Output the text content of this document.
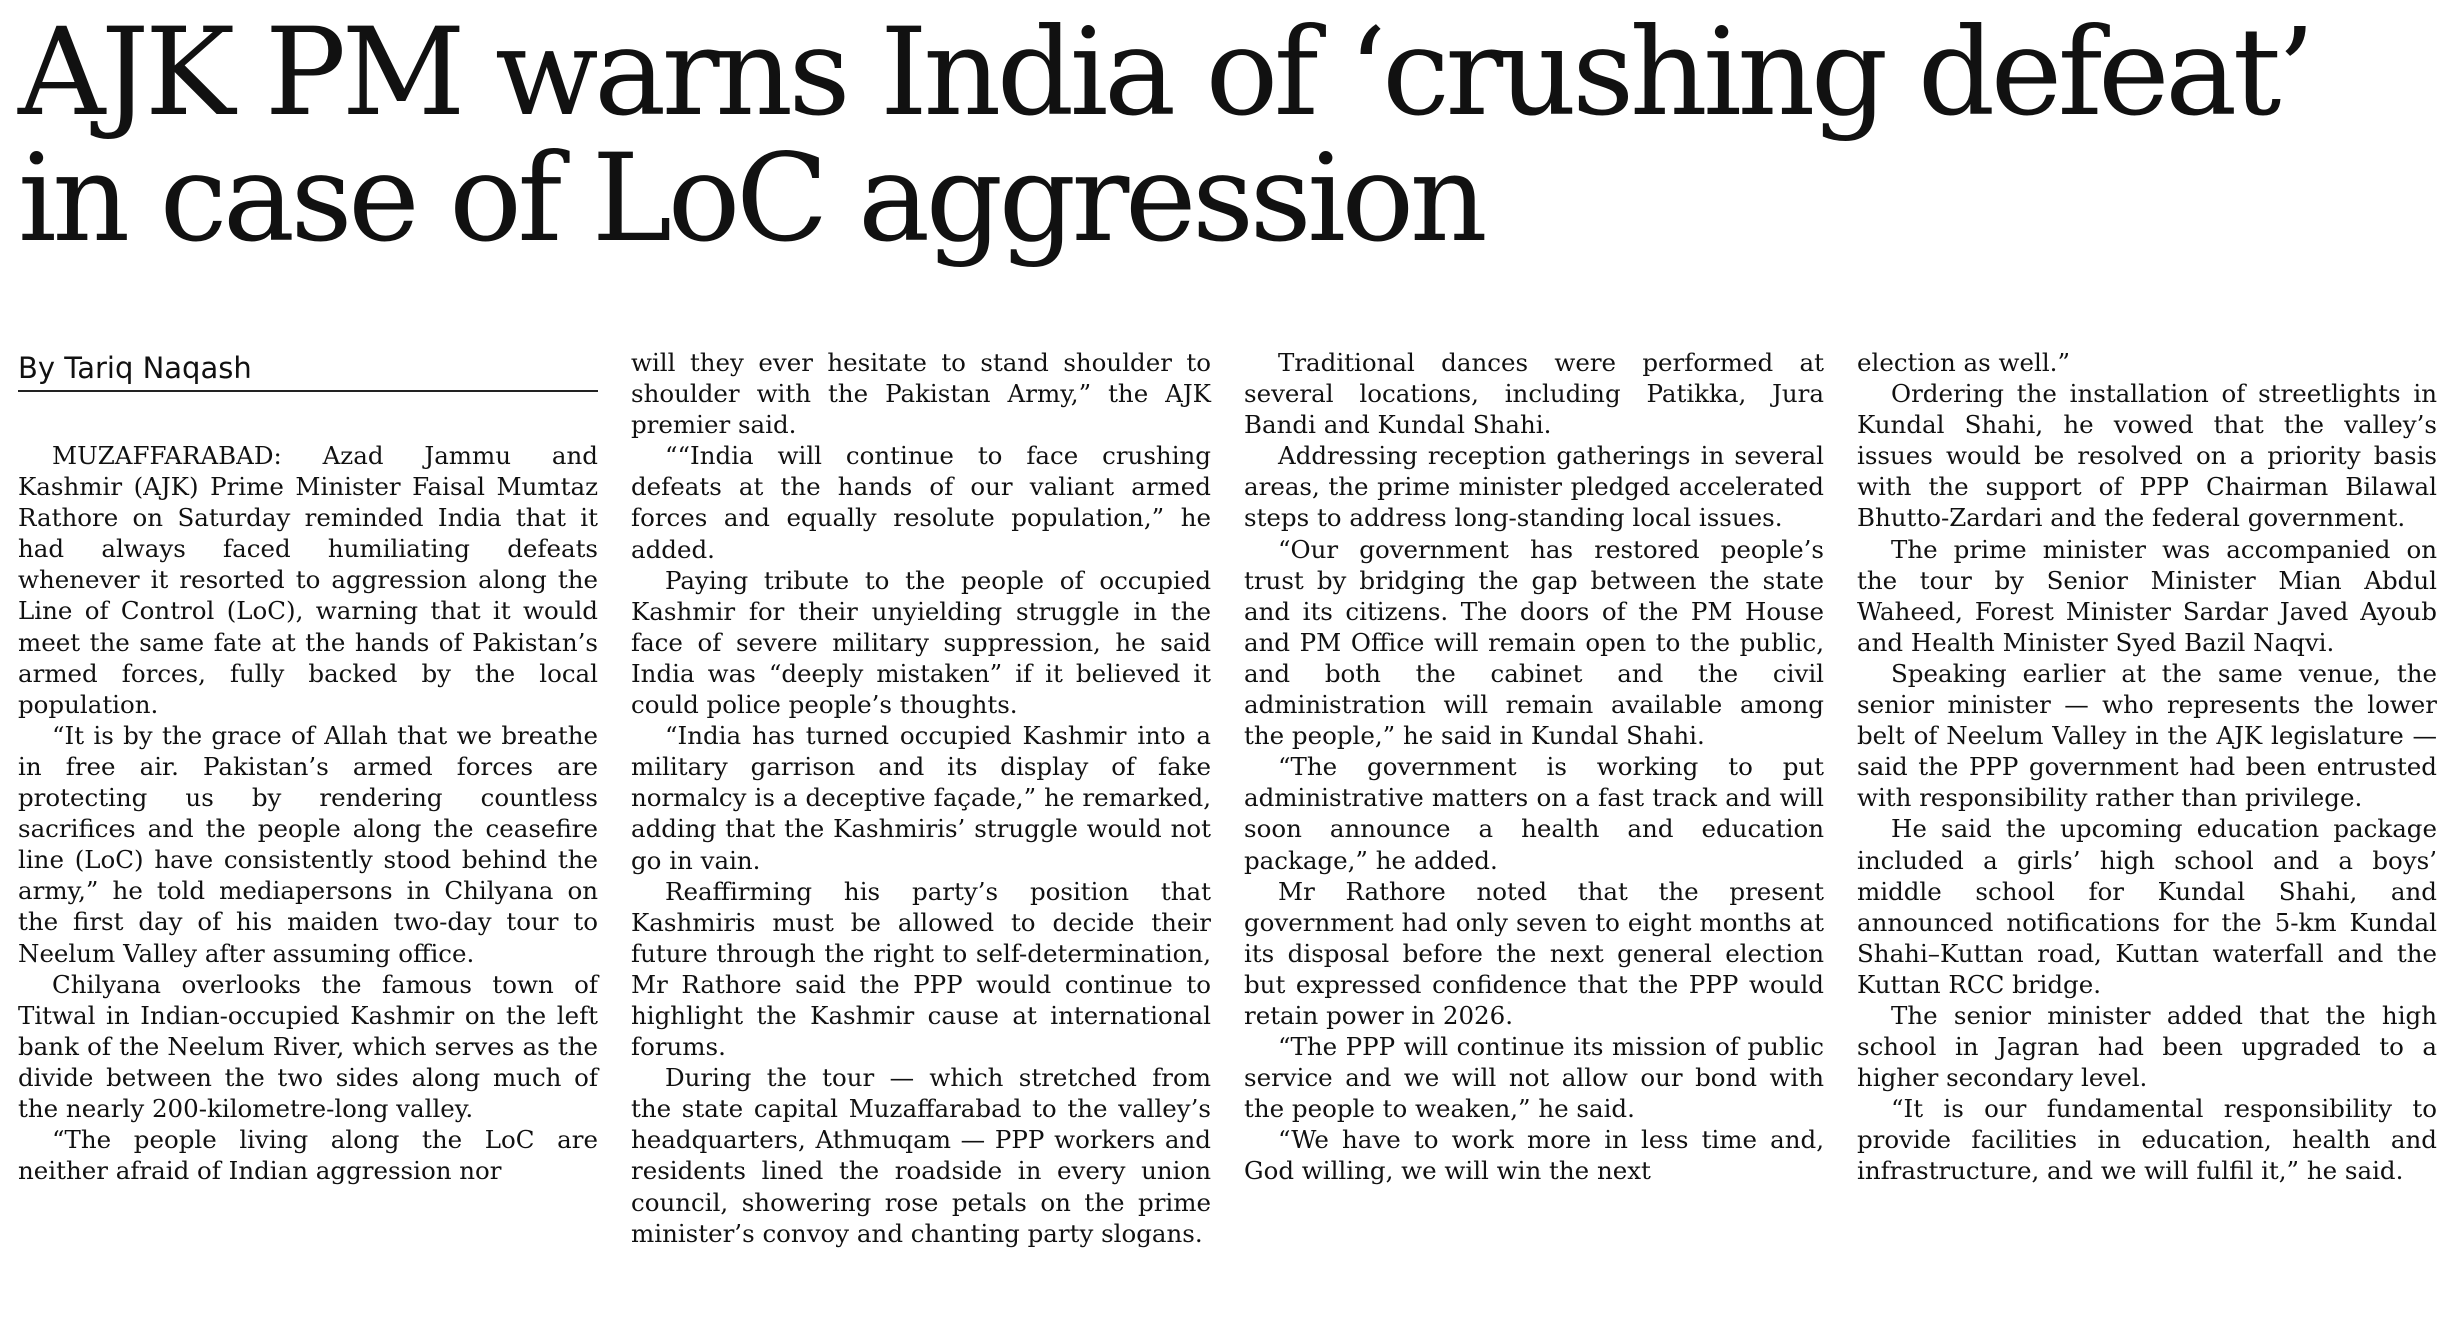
AJK PM warns India of ‘crushing defeat’ in case of LoC aggression
By Tariq Naqash

MUZAFFARABAD: Azad Jammu and Kashmir (AJK) Prime Minister Faisal Mumtaz Rathore on Saturday reminded India that it had always faced humiliating defeats whenever it resorted to aggression along the Line of Control (LoC), warning that it would meet the same fate at the hands of Pakistan’s armed forces, fully backed by the local population.

“It is by the grace of Allah that we breathe in free air. Pakistan’s armed forces are protecting us by rendering countless sacrifices and the people along the ceasefire line (LoC) have consistently stood behind the army,” he told mediapersons in Chilyana on the first day of his maiden two-day tour to Neelum Valley after assuming office.

Chilyana overlooks the famous town of Titwal in Indian-occupied Kashmir on the left bank of the Neelum River, which serves as the divide between the two sides along much of the nearly 200-kilometre-long valley.

“The people living along the LoC are neither afraid of Indian aggression nor

will they ever hesitate to stand shoulder to shoulder with the Pakistan Army,” the AJK premier said.

““India will continue to face crushing defeats at the hands of our valiant armed forces and equally resolute population,” he added.

Paying tribute to the people of occupied Kashmir for their unyielding struggle in the face of severe military suppression, he said India was “deeply mistaken” if it believed it could police people’s thoughts.

“India has turned occupied Kashmir into a military garrison and its display of fake normalcy is a deceptive façade,” he remarked, adding that the Kashmiris’ struggle would not go in vain.

Reaffirming his party’s position that Kashmiris must be allowed to decide their future through the right to self-determination, Mr Rathore said the PPP would continue to highlight the Kashmir cause at international forums.

During the tour — which stretched from the state capital Muzaffarabad to the valley’s headquarters, Athmuqam — PPP workers and residents lined the roadside in every union council, showering rose petals on the prime minister’s convoy and chanting party slogans.

Traditional dances were performed at several locations, including Patikka, Jura Bandi and Kundal Shahi.

Addressing reception gatherings in several areas, the prime minister pledged accelerated steps to address long-standing local issues.

“Our government has restored people’s trust by bridging the gap between the state and its citizens. The doors of the PM House and PM Office will remain open to the public, and both the cabinet and the civil administration will remain available among the people,” he said in Kundal Shahi.

“The government is working to put administrative matters on a fast track and will soon announce a health and education package,” he added.

Mr Rathore noted that the present government had only seven to eight months at its disposal before the next general election but expressed confidence that the PPP would retain power in 2026.

“The PPP will continue its mission of public service and we will not allow our bond with the people to weaken,” he said.

“We have to work more in less time and, God willing, we will win the next

election as well.”

Ordering the installation of streetlights in Kundal Shahi, he vowed that the valley’s issues would be resolved on a priority basis with the support of PPP Chairman Bilawal Bhutto-Zardari and the federal government.

The prime minister was accompanied on the tour by Senior Minister Mian Abdul Waheed, Forest Minister Sardar Javed Ayoub and Health Minister Syed Bazil Naqvi.

Speaking earlier at the same venue, the senior minister — who represents the lower belt of Neelum Valley in the AJK legislature — said the PPP government had been entrusted with responsibility rather than privilege.

He said the upcoming education package included a girls’ high school and a boys’ middle school for Kundal Shahi, and announced notifications for the 5-km Kundal Shahi–Kuttan road, Kuttan waterfall and the Kuttan RCC bridge.

The senior minister added that the high school in Jagran had been upgraded to a higher secondary level.

“It is our fundamental responsibility to provide facilities in education, health and infrastructure, and we will fulfil it,” he said.
